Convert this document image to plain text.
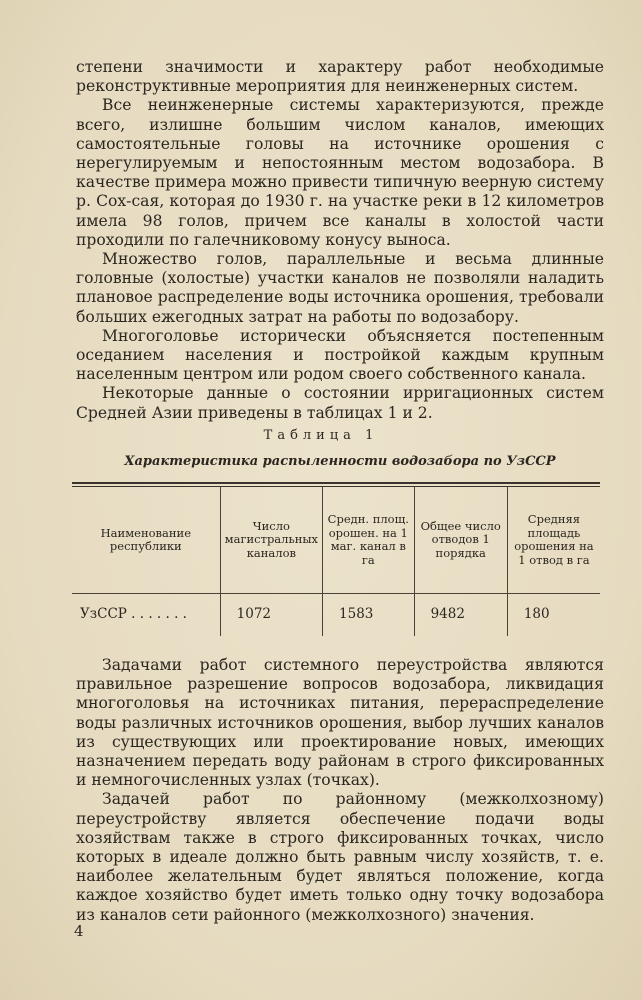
степени значимости и характеру работ необходимые реконструктивные мероприятия для неинженерных систем.

Все неинженерные системы характеризуются, прежде всего, излишне большим числом каналов, имеющих самостоятельные головы на источнике орошения с нерегулируемым и непостоянным местом водозабора. В качестве примера можно привести типичную веерную систему р. Сох-сая, которая до 1930 г. на участке реки в 12 километров имела 98 голов, причем все каналы в холостой части проходили по галечниковому конусу выноса.

Множество голов, параллельные и весьма длинные головные (холостые) участки каналов не позволяли наладить плановое распределение воды источника орошения, требовали больших ежегодных затрат на работы по водозабору.

Многоголовье исторически объясняется постепенным оседанием населения и постройкой каждым крупным населенным центром или родом своего собственного канала.

Некоторые данные о состоянии ирригационных систем Средней Азии приведены в таблицах 1 и 2.

Таблица 1
Характеристика распыленности водозабора по УзССР
Наименование республики	Число магистральных каналов	Средн. площ. орошен. на 1 маг. канал в га	Общее число отводов 1 порядка	Средняя площадь орошения на 1 отвод в га
УзССР . . . . . . .	1072	1583	9482	180

Задачами работ системного переустройства являются правильное разрешение вопросов водозабора, ликвидация многоголовья на источниках питания, перераспределение воды различных источников орошения, выбор лучших каналов из существующих или проектирование новых, имеющих назначением передать воду районам в строго фиксированных и немногочисленных узлах (точках).

Задачей работ по районному (межколхозному) переустройству является обеспечение подачи воды хозяйствам также в строго фиксированных точках, число которых в идеале должно быть равным числу хозяйств, т. е. наиболее желательным будет являться положение, когда каждое хозяйство будет иметь только одну точку водозабора из каналов сети районного (межколхозного) значения.

4
